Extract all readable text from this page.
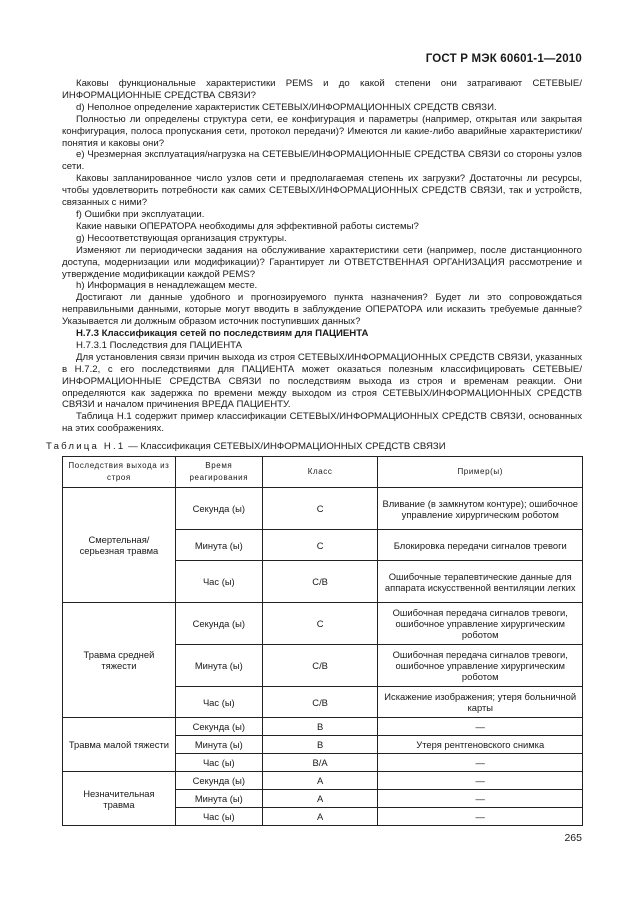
ГОСТ Р МЭК 60601-1—2010

Каковы функциональные характеристики PEMS и до какой степени они затрагивают СЕТЕВЫЕ/ИНФОРМАЦИОННЫЕ СРЕДСТВА СВЯЗИ?

d) Неполное определение характеристик СЕТЕВЫХ/ИНФОРМАЦИОННЫХ СРЕДСТВ СВЯЗИ.

Полностью ли определены структура сети, ее конфигурация и параметры (например, открытая или закрытая конфигурация, полоса пропускания сети, протокол передачи)? Имеются ли какие-либо аварийные характеристики/понятия и каковы они?

e) Чрезмерная эксплуатация/нагрузка на СЕТЕВЫЕ/ИНФОРМАЦИОННЫЕ СРЕДСТВА СВЯЗИ со стороны узлов сети.

Каковы запланированное число узлов сети и предполагаемая степень их загрузки? Достаточны ли ресурсы, чтобы удовлетворить потребности как самих СЕТЕВЫХ/ИНФОРМАЦИОННЫХ СРЕДСТВ СВЯЗИ, так и устройств, связанных с ними?

f) Ошибки при эксплуатации.

Какие навыки ОПЕРАТОРА необходимы для эффективной работы системы?

g) Несоответствующая организация структуры.

Изменяют ли периодически задания на обслуживание характеристики сети (например, после дистанционного доступа, модернизации или модификации)? Гарантирует ли ОТВЕТСТВЕННАЯ ОРГАНИЗАЦИЯ рассмотрение и утверждение модификации каждой PEMS?

h) Информация в ненадлежащем месте.

Достигают ли данные удобного и прогнозируемого пункта назначения? Будет ли это сопровождаться неправильными данными, которые могут вводить в заблуждение ОПЕРАТОРА или исказить требуемые данные? Указывается ли должным образом источник поступивших данных?

H.7.3 Классификация сетей по последствиям для ПАЦИЕНТА

H.7.3.1 Последствия для ПАЦИЕНТА

Для установления связи причин выхода из строя СЕТЕВЫХ/ИНФОРМАЦИОННЫХ СРЕДСТВ СВЯЗИ, указанных в H.7.2, с его последствиями для ПАЦИЕНТА может оказаться полезным классифицировать СЕТЕВЫЕ/ИНФОРМАЦИОННЫЕ СРЕДСТВА СВЯЗИ по последствиям выхода из строя и временам реакции. Они определяются как задержка по времени между выходом из строя СЕТЕВЫХ/ИНФОРМАЦИОННЫХ СРЕДСТВ СВЯЗИ и началом причинения ВРЕДА ПАЦИЕНТУ.

Таблица H.1 содержит пример классификации СЕТЕВЫХ/ИНФОРМАЦИОННЫХ СРЕДСТВ СВЯЗИ, основанных на этих соображениях.

Таблица H.1 — Классификация СЕТЕВЫХ/ИНФОРМАЦИОННЫХ СРЕДСТВ СВЯЗИ
Последствия выхода из строя	Время реагирования	Класс	Пример(ы)
Смертельная/ серьезная травма	Секунда (ы)	C	Вливание (в замкнутом контуре); ошибочное управление хирургическим роботом
	Минута (ы)	C	Блокировка передачи сигналов тревоги
	Час (ы)	C/B	Ошибочные терапевтические данные для аппарата искусственной вентиляции легких
Травма средней тяжести	Секунда (ы)	C	Ошибочная передача сигналов тревоги, ошибочное управление хирургическим роботом
	Минута (ы)	C/B	Ошибочная передача сигналов тревоги, ошибочное управление хирургическим роботом
	Час (ы)	C/B	Искажение изображения; утеря больничной карты
Травма малой тяжести	Секунда (ы)	B	—
	Минута (ы)	B	Утеря рентгеновского снимка
	Час (ы)	B/A	—
Незначительная травма	Секунда (ы)	A	—
	Минута (ы)	A	—
	Час (ы)	A	—
265
